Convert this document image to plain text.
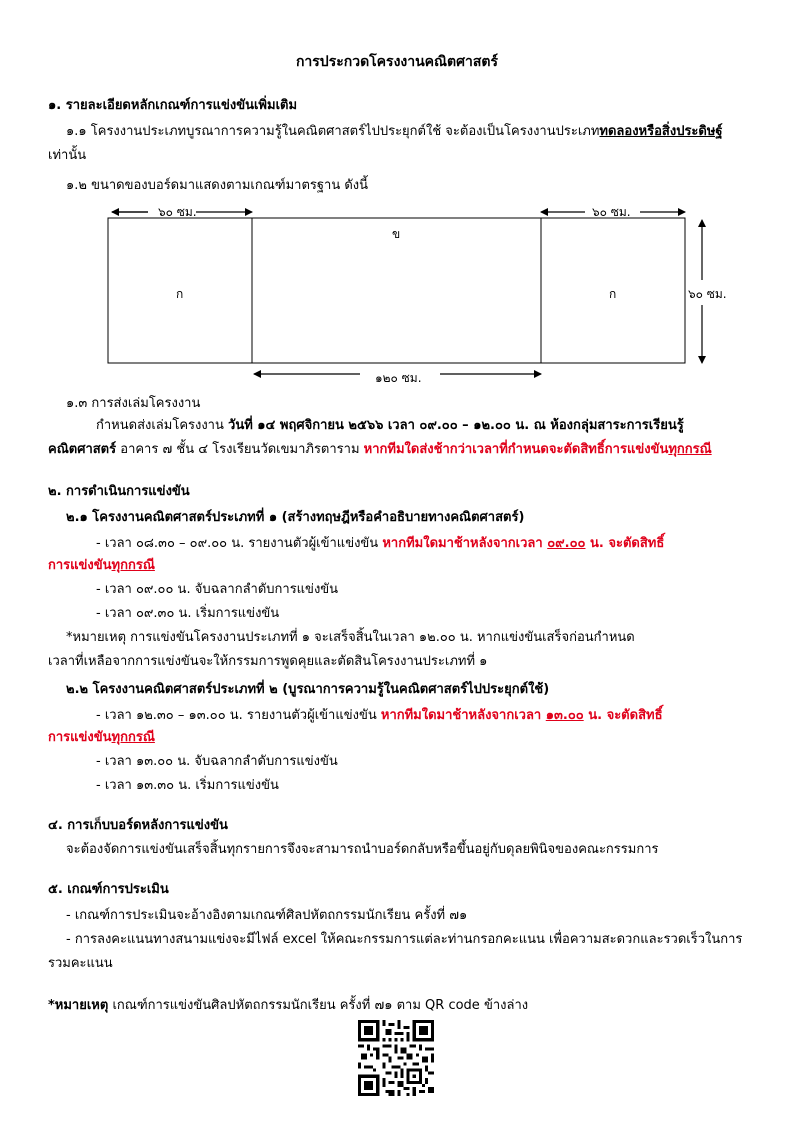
การประกวดโครงงานคณิตศาสตร์
๑. รายละเอียดหลักเกณฑ์การแข่งขันเพิ่มเติม
๑.๑ โครงงานประเภทบูรณาการความรู้ในคณิตศาสตร์ไปประยุกต์ใช้ จะต้องเป็นโครงงานประเภททดลองหรือสิ่งประดิษฐ์
เท่านั้น
๑.๒ ขนาดของบอร์ดมาแสดงตามเกณฑ์มาตรฐาน ดังนี้
๖๐ ซม.	๖๐ ซม.
๖๐ ซม.
๑๒๐ ซม.
ก	ก
ข
๑.๓ การส่งเล่มโครงงาน
กำหนดส่งเล่มโครงงาน วันที่ ๑๔ พฤศจิกายน ๒๕๖๖ เวลา ๐๙.๐๐ – ๑๒.๐๐ น. ณ ห้องกลุ่มสาระการเรียนรู้
คณิตศาสตร์ อาคาร ๗ ชั้น ๔ โรงเรียนวัดเขมาภิรตาราม หากทีมใดส่งช้ากว่าเวลาที่กำหนดจะตัดสิทธิ์การแข่งขันทุกกรณี
๒. การดำเนินการแข่งขัน
๒.๑ โครงงานคณิตศาสตร์ประเภทที่ ๑ (สร้างทฤษฎีหรือคำอธิบายทางคณิตศาสตร์)
- เวลา ๐๘.๓๐ – ๐๙.๐๐ น. รายงานตัวผู้เข้าแข่งขัน หากทีมใดมาช้าหลังจากเวลา ๐๙.๐๐ น. จะตัดสิทธิ์
การแข่งขันทุกกรณี
- เวลา ๐๙.๐๐ น. จับฉลากลำดับการแข่งขัน
- เวลา ๐๙.๓๐ น. เริ่มการแข่งขัน
*หมายเหตุ การแข่งขันโครงงานประเภทที่ ๑ จะเสร็จสิ้นในเวลา ๑๒.๐๐ น. หากแข่งขันเสร็จก่อนกำหนด
เวลาที่เหลือจากการแข่งขันจะให้กรรมการพูดคุยและตัดสินโครงงานประเภทที่ ๑
๒.๒ โครงงานคณิตศาสตร์ประเภทที่ ๒ (บูรณาการความรู้ในคณิตศาสตร์ไปประยุกต์ใช้)
- เวลา ๑๒.๓๐ – ๑๓.๐๐ น. รายงานตัวผู้เข้าแข่งขัน หากทีมใดมาช้าหลังจากเวลา ๑๓.๐๐ น. จะตัดสิทธิ์
การแข่งขันทุกกรณี
- เวลา ๑๓.๐๐ น. จับฉลากลำดับการแข่งขัน
- เวลา ๑๓.๓๐ น. เริ่มการแข่งขัน
๔. การเก็บบอร์ดหลังการแข่งขัน
จะต้องจัดการแข่งขันเสร็จสิ้นทุกรายการจึงจะสามารถนำบอร์ดกลับหรือขึ้นอยู่กับดุลยพินิจของคณะกรรมการ
๕. เกณฑ์การประเมิน
- เกณฑ์การประเมินจะอ้างอิงตามเกณฑ์ศิลปหัตถกรรมนักเรียน ครั้งที่ ๗๑
- การลงคะแนนทางสนามแข่งจะมีไฟล์ excel ให้คณะกรรมการแต่ละท่านกรอกคะแนน เพื่อความสะดวกและรวดเร็วในการ
รวมคะแนน
*หมายเหตุ เกณฑ์การแข่งขันศิลปหัตถกรรมนักเรียน ครั้งที่ ๗๑ ตาม QR code ข้างล่าง
